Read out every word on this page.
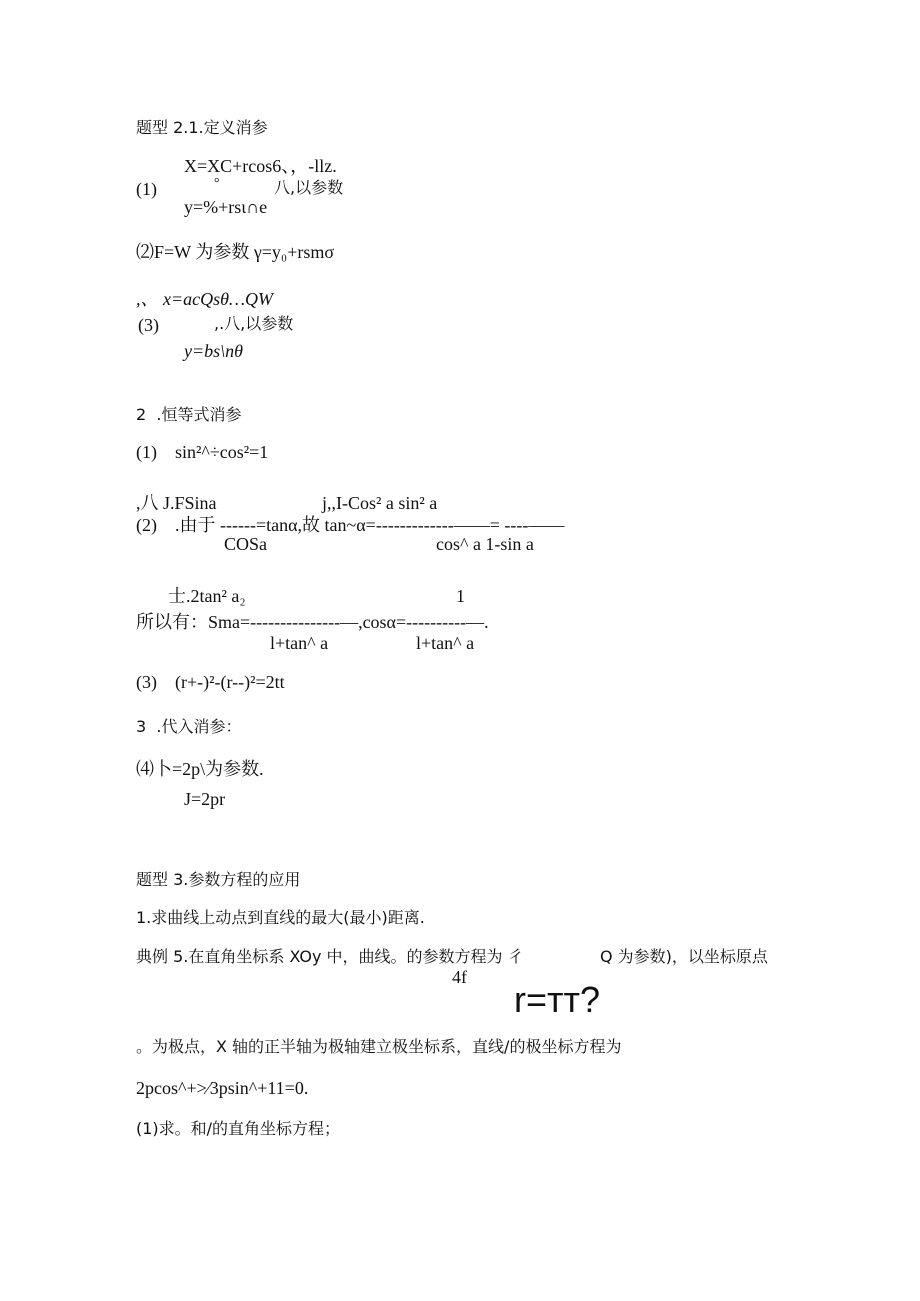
题型 2.1.定义消参
X=XC+rcos6、，-llz.
(1)	°	八,以参数
y=%+rsι∩e
⑵F=W 为参数 γ=y₀+rsmσ
,、 x=acQsθ…QW
(3)	,.八,以参数
y=bs\nθ
2  .恒等式消参
(1)    sin²^÷cos²=1
,八 J.FSina	j,,I-Cos² a sin² a
(2)    .由于 ------=tanα,故 tan~α=-------------——= ----——
COSa	cos^ a 1-sin a
士.2tan² a₂	1
所以有：Sma=---------------—,cosα=----------—.
l+tan^ a	l+tan^ a
(3)    (r+-)²-(r--)²=2tt
3  .代入消参：
⑷卜=2p\为参数.
J=2pr
题型 3.参数方程的应用
1.求曲线上动点到直线的最大(最小)距离.
典例 5.在直角坐标系 XOy 中，曲线。的参数方程为 彳	Q 为参数)，以坐标原点
4f
r=тт?
。为极点，X 轴的正半轴为极轴建立极坐标系，直线/的极坐标方程为
2pcos^+>∕3psin^+11=0.
(1)求。和/的直角坐标方程；
